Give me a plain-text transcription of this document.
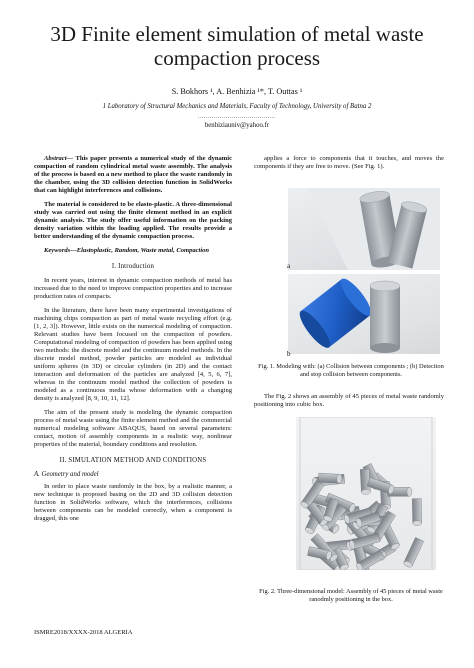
3D Finite element simulation of metal waste
compaction process
S. Bokhors ¹, A. Benhizia ¹*, T. Outtas ¹
1 Laboratory of Structural Mechanics and Materials, Faculty of Technology, University of Batna 2
.......................................
benhiziauniv@yahoo.fr

Abstract— This paper presents a numerical study of the dynamic compaction of random cylindrical metal waste assembly. The analysis of the process is based on a new method to place the waste randomly in the chamber, using the 3D collision detection function in SolidWorks that can highlight interferences and collisions.

The material is considered to be elasto-plastic. A three-dimensional study was carried out using the finite element method in an explicit dynamic analysis. The study offer useful information on the packing density variation within the loading applied. The results provide a better understanding of the dynamic compaction process.

Keywords—Elastoplastic, Random, Waste metal, Compaction

I. Introduction

In recent years, interest in dynamic compaction methods of metal has increased due to the need to improve compaction properties and to increase production rates of compacts.

In the literature, there have been many experimental investigations of machining chips compaction as part of metal waste recycling effort (e.g. [1, 2, 3]). However, little exists on the numerical modeling of compaction. Relevant studies have been focused on the compaction of powders. Computational modeling of compaction of powders has been applied using two methods: the discrete model and the continuum model methods. In the discrete model method, powder particles are modeled as individual uniform spheres (in 3D) or circular cylinders (in 2D) and the contact interaction and deformation of the particles are analyzed [4, 5, 6, 7], whereas in the continuum model method the collection of powders is modeled as a continuous media whose deformation with a changing density is analyzed [8, 9, 10, 11, 12].

The aim of the present study is modeling the dynamic compaction process of metal waste using the finite element method and the commercial numerical modeling software ABAQUS, based on several parameters: contact, motion of assembly components in a realistic way, nonlinear properties of the material, boundary conditions and resolution.

II. SIMULATION METHOD AND CONDITIONS
A. Geometry and model

In order to place waste randomly in the box, by a realistic manner, a new technique is proposed basing on the 2D and 3D collision detection function in SolidWorks software, which the interferences, collisions between components can be modeled correctly, when a component is dragged, this one

applies a force to components that it touches, and moves the components if they are free to move. (See Fig. 1).

a
b
Fig. 1. Modeling with: (a) Collision between components ; (b) Detection and stop collision between components.

The Fig. 2 shows an assembly of 45 pieces of metal waste randomly positioning into cubic box.

Fig. 2. Three-dimensional model: Assembly of 45 pieces of metal waste ranodmly positioning in the box.
ISMRE2018/XXXX-2018 ALGERIA
